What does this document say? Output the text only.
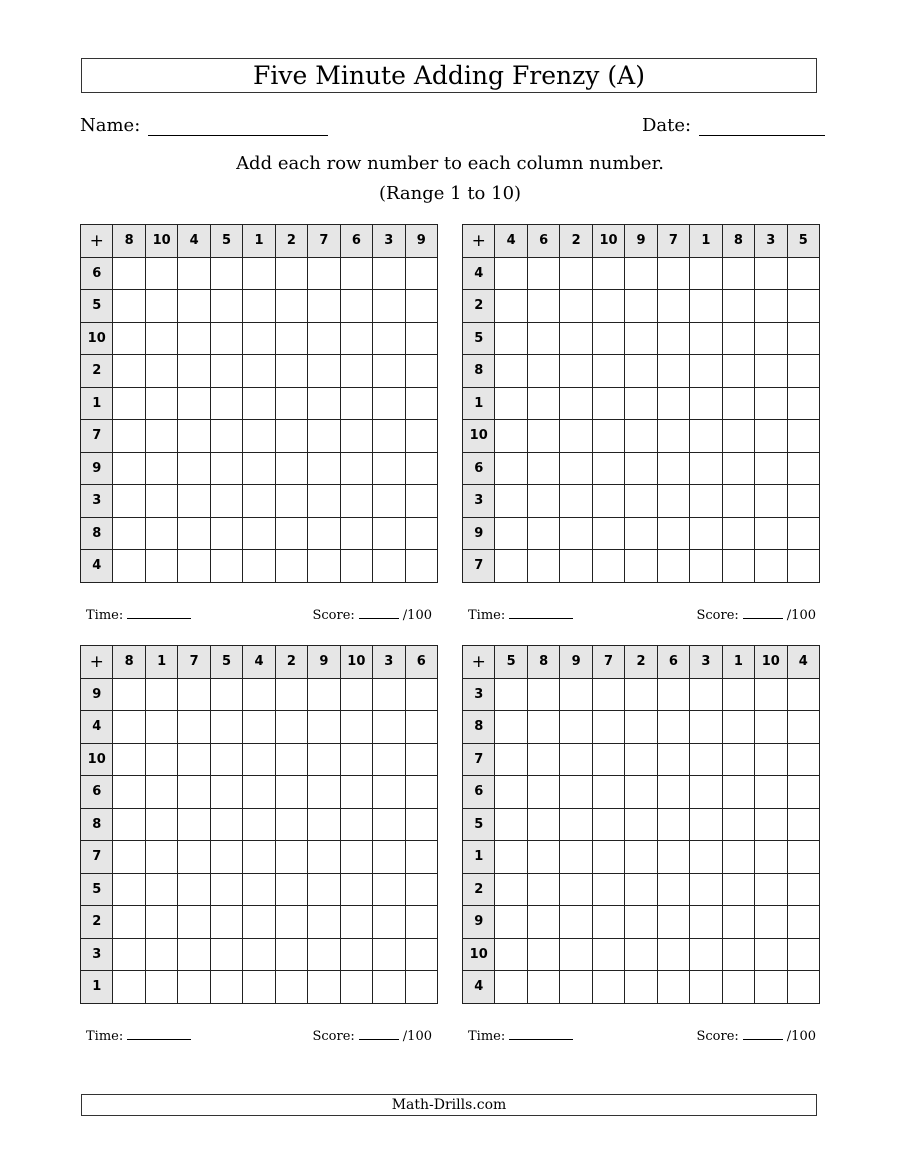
Five Minute Adding Frenzy (A)
Name:	Date:
Add each row number to each column number.
(Range 1 to 10)
+	8	10	4	5	1	2	7	6	3	9
6										
5										
10										
2										
1										
7										
9										
3										
8										
4										
Time:	Score:	/100
+	4	6	2	10	9	7	1	8	3	5
4										
2										
5										
8										
1										
10										
6										
3										
9										
7										
Time:	Score:	/100
+	8	1	7	5	4	2	9	10	3	6
9										
4										
10										
6										
8										
7										
5										
2										
3										
1										
Time:	Score:	/100
+	5	8	9	7	2	6	3	1	10	4
3										
8										
7										
6										
5										
1										
2										
9										
10										
4										
Time:	Score:	/100
Math-Drills.com
